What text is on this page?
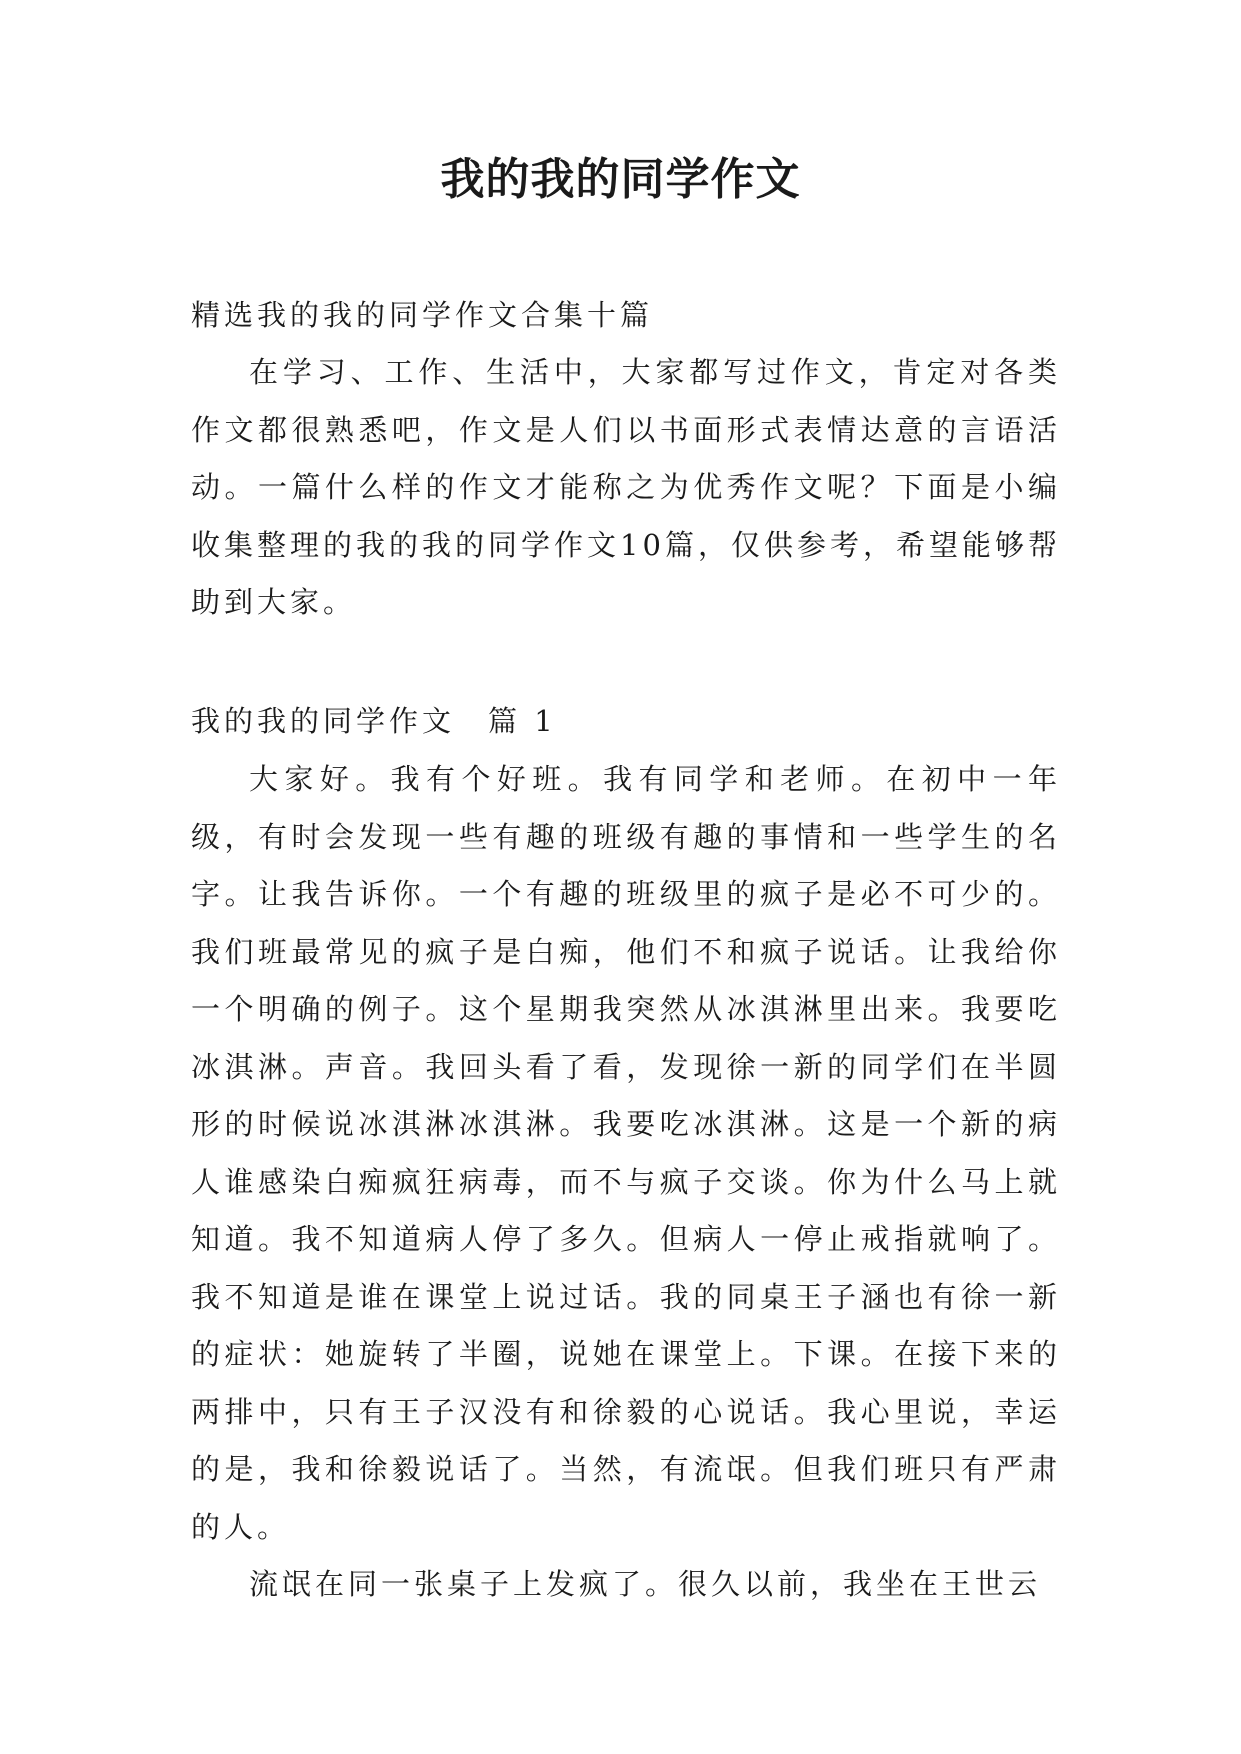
我的我的同学作文
精选我的我的同学作文合集十篇

在学习、工作、生活中，大家都写过作文，肯定对各类作文都很熟悉吧，作文是人们以书面形式表情达意的言语活动。一篇什么样的作文才能称之为优秀作文呢？下面是小编收集整理的我的我的同学作文10篇，仅供参考，希望能够帮助到大家。

我的我的同学作文　篇 1

大家好。我有个好班。我有同学和老师。在初中一年级，有时会发现一些有趣的班级有趣的事情和一些学生的名字。让我告诉你。一个有趣的班级里的疯子是必不可少的。我们班最常见的疯子是白痴，他们不和疯子说话。让我给你一个明确的例子。这个星期我突然从冰淇淋里出来。我要吃冰淇淋。声音。我回头看了看，发现徐一新的同学们在半圆形的时候说冰淇淋冰淇淋。我要吃冰淇淋。这是一个新的病人谁感染白痴疯狂病毒，而不与疯子交谈。你为什么马上就知道。我不知道病人停了多久。但病人一停止戒指就响了。我不知道是谁在课堂上说过话。我的同桌王子涵也有徐一新的症状：她旋转了半圈，说她在课堂上。下课。在接下来的两排中，只有王子汉没有和徐毅的心说话。我心里说，幸运的是，我和徐毅说话了。当然，有流氓。但我们班只有严肃的人。

流氓在同一张桌子上发疯了。很久以前，我坐在王世云
